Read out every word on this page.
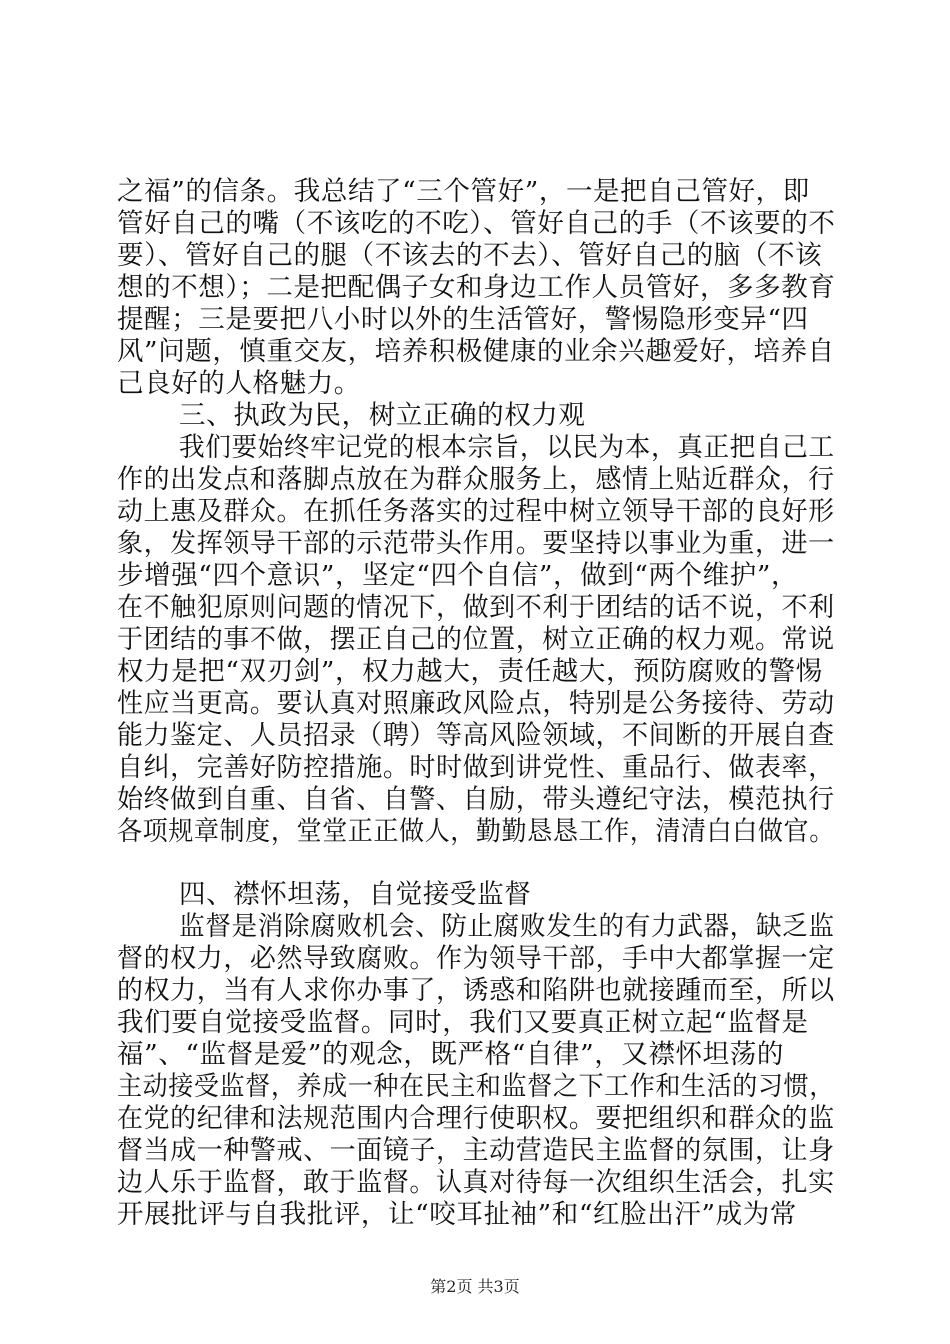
之福”的信条。我总结了“三个管好”，一是把自己管好，即
管好自己的嘴（不该吃的不吃）、管好自己的手（不该要的不
要）、管好自己的腿（不该去的不去）、管好自己的脑（不该
想的不想）；二是把配偶子女和身边工作人员管好，多多教育
提醒；三是要把八小时以外的生活管好，警惕隐形变异“四
风”问题，慎重交友，培养积极健康的业余兴趣爱好，培养自
己良好的人格魅力。
三、执政为民，树立正确的权力观
我们要始终牢记党的根本宗旨，以民为本，真正把自己工
作的出发点和落脚点放在为群众服务上，感情上贴近群众，行
动上惠及群众。在抓任务落实的过程中树立领导干部的良好形
象，发挥领导干部的示范带头作用。要坚持以事业为重，进一
步增强“四个意识”，坚定“四个自信”，做到“两个维护”，
在不触犯原则问题的情况下，做到不利于团结的话不说，不利
于团结的事不做，摆正自己的位置，树立正确的权力观。常说
权力是把“双刃剑”，权力越大，责任越大，预防腐败的警惕
性应当更高。要认真对照廉政风险点，特别是公务接待、劳动
能力鉴定、人员招录（聘）等高风险领域，不间断的开展自查
自纠，完善好防控措施。时时做到讲党性、重品行、做表率，
始终做到自重、自省、自警、自励，带头遵纪守法，模范执行
各项规章制度，堂堂正正做人，勤勤恳恳工作，清清白白做官。
四、襟怀坦荡，自觉接受监督
监督是消除腐败机会、防止腐败发生的有力武器，缺乏监
督的权力，必然导致腐败。作为领导干部，手中大都掌握一定
的权力，当有人求你办事了，诱惑和陷阱也就接踵而至，所以
我们要自觉接受监督。同时，我们又要真正树立起“监督是
福”、“监督是爱”的观念，既严格“自律”，又襟怀坦荡的
主动接受监督，养成一种在民主和监督之下工作和生活的习惯，
在党的纪律和法规范围内合理行使职权。要把组织和群众的监
督当成一种警戒、一面镜子，主动营造民主监督的氛围，让身
边人乐于监督，敢于监督。认真对待每一次组织生活会，扎实
开展批评与自我批评，让“咬耳扯袖”和“红脸出汗”成为常
第2页 共3页
